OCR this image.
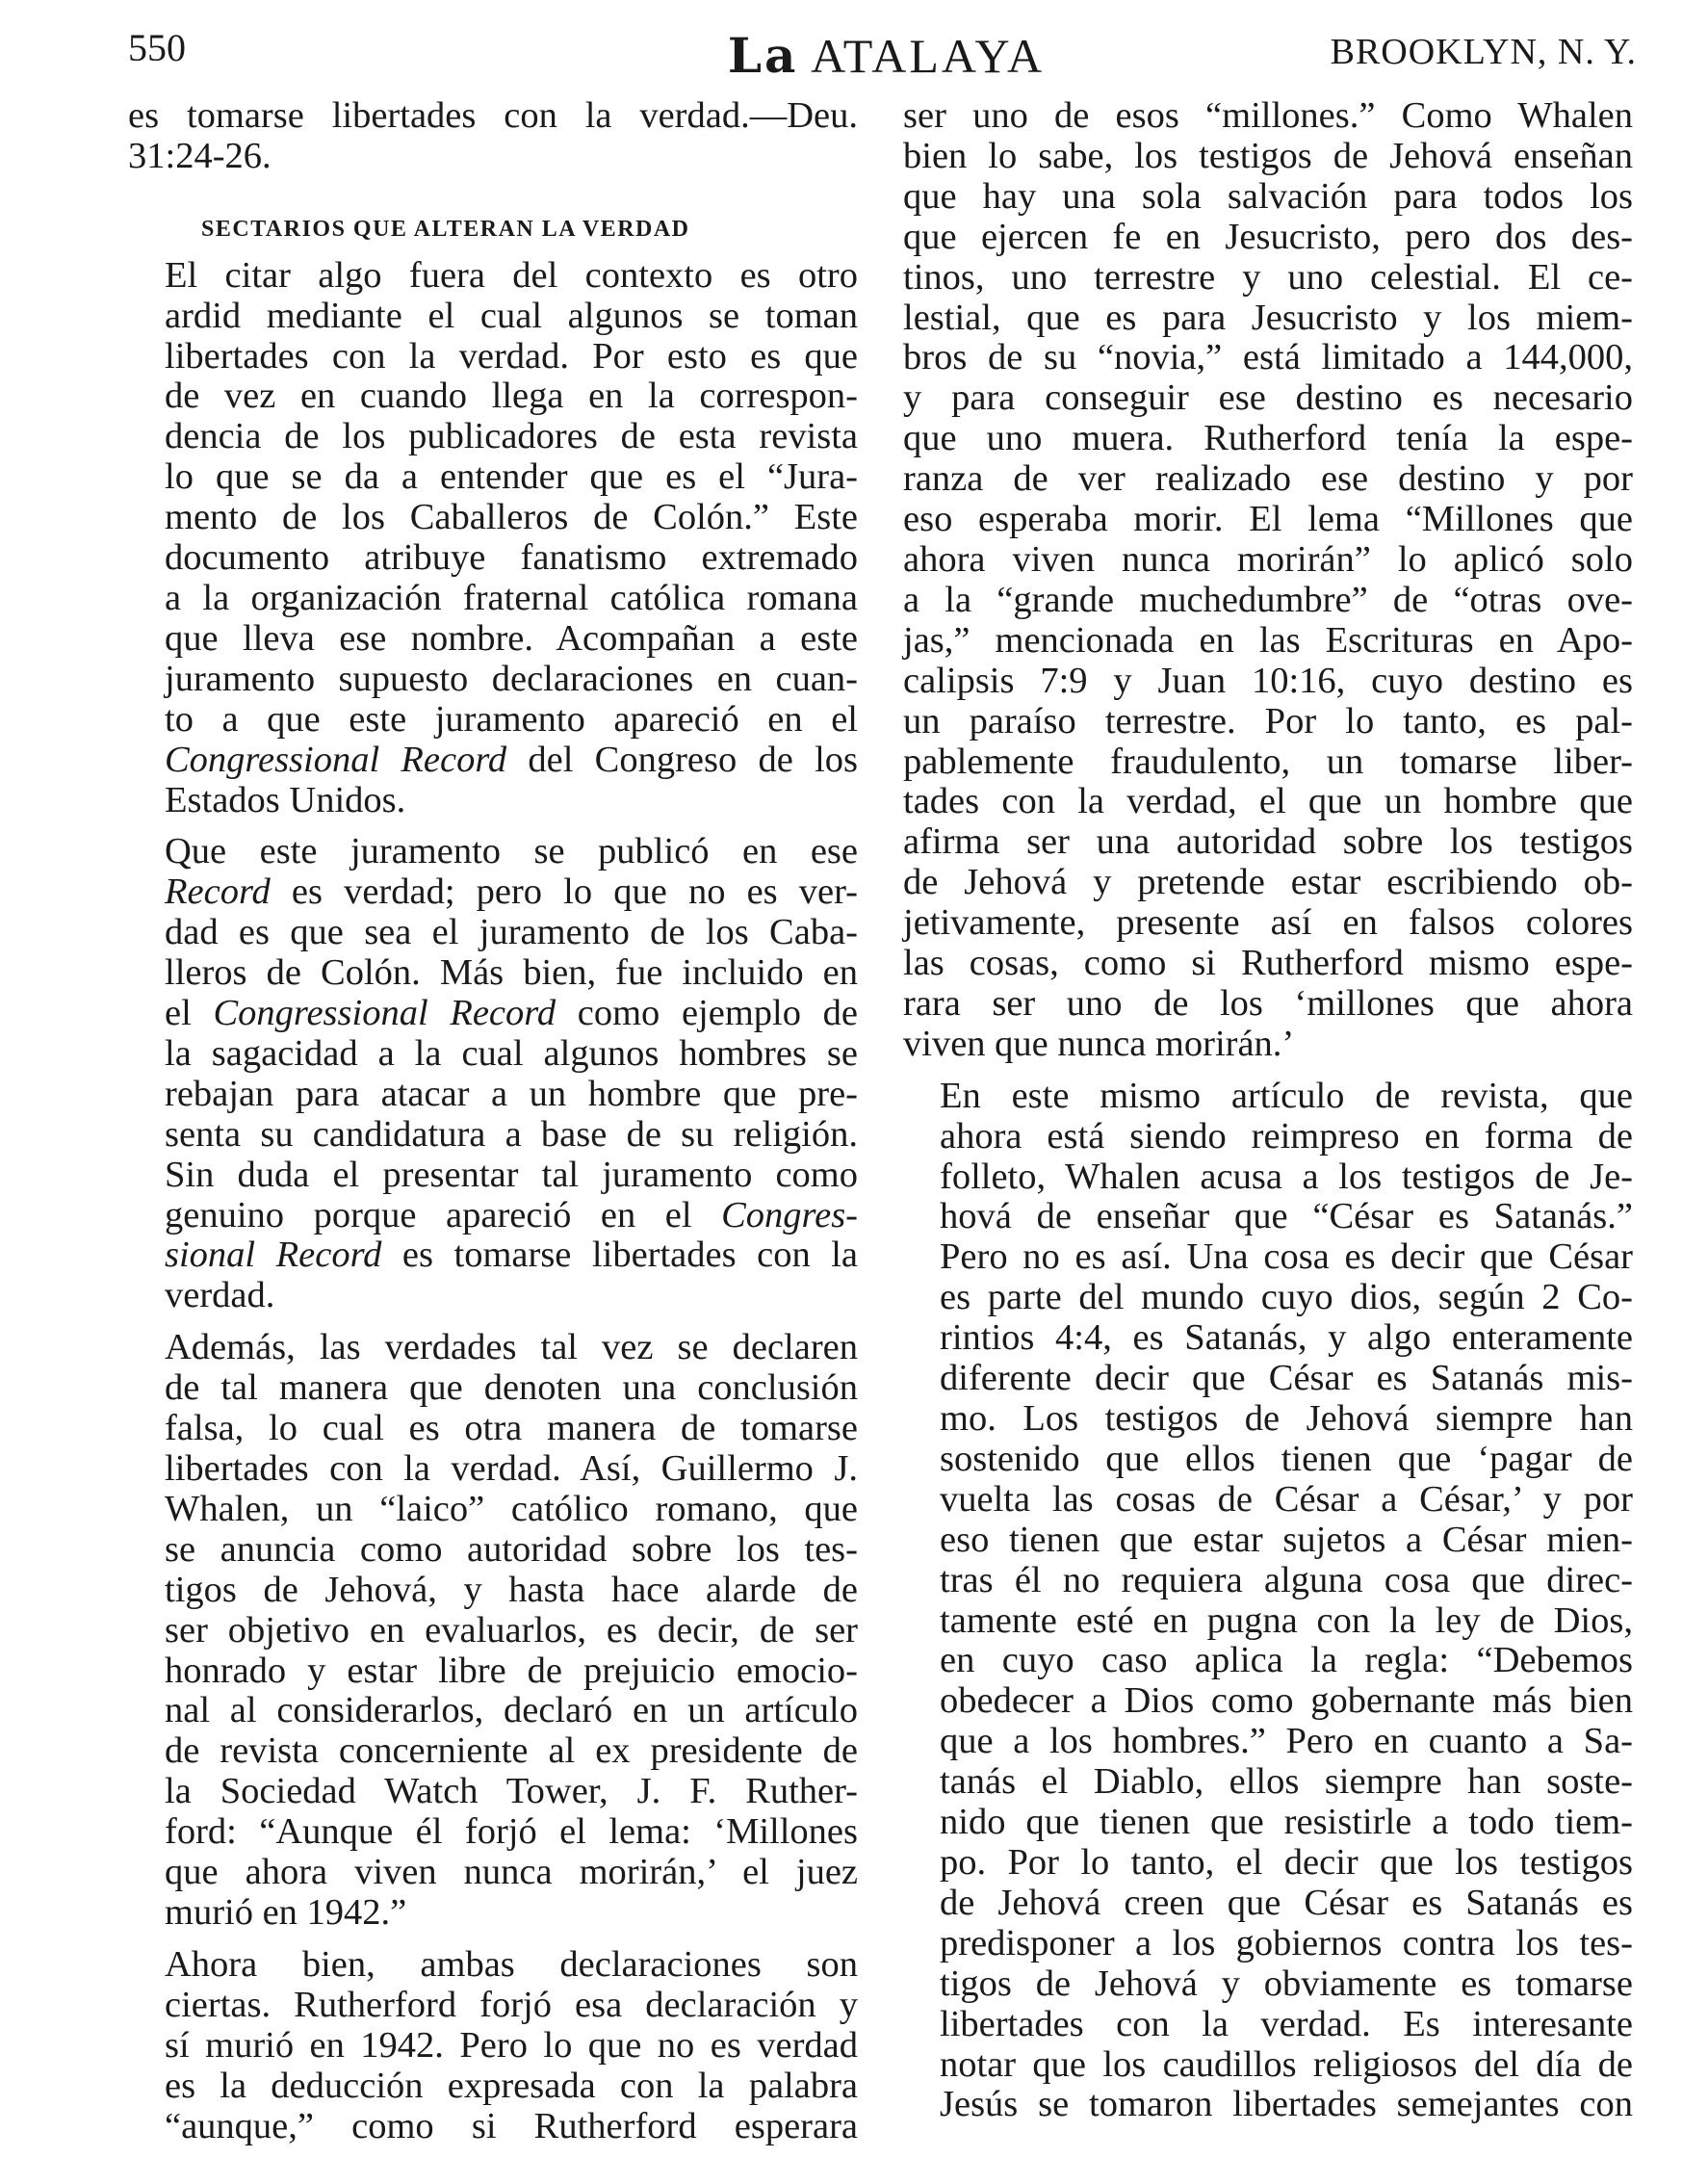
550	La ATALAYA	BROOKLYN, N. Y.
es tomarse libertades con la verdad.—Deu.
31:24-26.
SECTARIOS QUE ALTERAN LA VERDAD
El citar algo fuera del contexto es otro
ardid mediante el cual algunos se toman
libertades con la verdad. Por esto es que
de vez en cuando llega en la correspon-
dencia de los publicadores de esta revista
lo que se da a entender que es el “Jura-
mento de los Caballeros de Colón.” Este
documento atribuye fanatismo extremado
a la organización fraternal católica romana
que lleva ese nombre. Acompañan a este
juramento supuesto declaraciones en cuan-
to a que este juramento apareció en el
Congressional Record del Congreso de los
Estados Unidos.
Que este juramento se publicó en ese
Record es verdad; pero lo que no es ver-
dad es que sea el juramento de los Caba-
lleros de Colón. Más bien, fue incluido en
el Congressional Record como ejemplo de
la sagacidad a la cual algunos hombres se
rebajan para atacar a un hombre que pre-
senta su candidatura a base de su religión.
Sin duda el presentar tal juramento como
genuino porque apareció en el Congres-
sional Record es tomarse libertades con la
verdad.
Además, las verdades tal vez se declaren
de tal manera que denoten una conclusión
falsa, lo cual es otra manera de tomarse
libertades con la verdad. Así, Guillermo J.
Whalen, un “laico” católico romano, que
se anuncia como autoridad sobre los tes-
tigos de Jehová, y hasta hace alarde de
ser objetivo en evaluarlos, es decir, de ser
honrado y estar libre de prejuicio emocio-
nal al considerarlos, declaró en un artículo
de revista concerniente al ex presidente de
la Sociedad Watch Tower, J. F. Ruther-
ford: “Aunque él forjó el lema: ‘Millones
que ahora viven nunca morirán,’ el juez
murió en 1942.”
Ahora bien, ambas declaraciones son
ciertas. Rutherford forjó esa declaración y
sí murió en 1942. Pero lo que no es verdad
es la deducción expresada con la palabra
“aunque,” como si Rutherford esperara
ser uno de esos “millones.” Como Whalen
bien lo sabe, los testigos de Jehová enseñan
que hay una sola salvación para todos los
que ejercen fe en Jesucristo, pero dos des-
tinos, uno terrestre y uno celestial. El ce-
lestial, que es para Jesucristo y los miem-
bros de su “novia,” está limitado a 144,000,
y para conseguir ese destino es necesario
que uno muera. Rutherford tenía la espe-
ranza de ver realizado ese destino y por
eso esperaba morir. El lema “Millones que
ahora viven nunca morirán” lo aplicó solo
a la “grande muchedumbre” de “otras ove-
jas,” mencionada en las Escrituras en Apo-
calipsis 7:9 y Juan 10:16, cuyo destino es
un paraíso terrestre. Por lo tanto, es pal-
pablemente fraudulento, un tomarse liber-
tades con la verdad, el que un hombre que
afirma ser una autoridad sobre los testigos
de Jehová y pretende estar escribiendo ob-
jetivamente, presente así en falsos colores
las cosas, como si Rutherford mismo espe-
rara ser uno de los ‘millones que ahora
viven que nunca morirán.’
En este mismo artículo de revista, que
ahora está siendo reimpreso en forma de
folleto, Whalen acusa a los testigos de Je-
hová de enseñar que “César es Satanás.”
Pero no es así. Una cosa es decir que César
es parte del mundo cuyo dios, según 2 Co-
rintios 4:4, es Satanás, y algo enteramente
diferente decir que César es Satanás mis-
mo. Los testigos de Jehová siempre han
sostenido que ellos tienen que ‘pagar de
vuelta las cosas de César a César,’ y por
eso tienen que estar sujetos a César mien-
tras él no requiera alguna cosa que direc-
tamente esté en pugna con la ley de Dios,
en cuyo caso aplica la regla: “Debemos
obedecer a Dios como gobernante más bien
que a los hombres.” Pero en cuanto a Sa-
tanás el Diablo, ellos siempre han soste-
nido que tienen que resistirle a todo tiem-
po. Por lo tanto, el decir que los testigos
de Jehová creen que César es Satanás es
predisponer a los gobiernos contra los tes-
tigos de Jehová y obviamente es tomarse
libertades con la verdad. Es interesante
notar que los caudillos religiosos del día de
Jesús se tomaron libertades semejantes con
